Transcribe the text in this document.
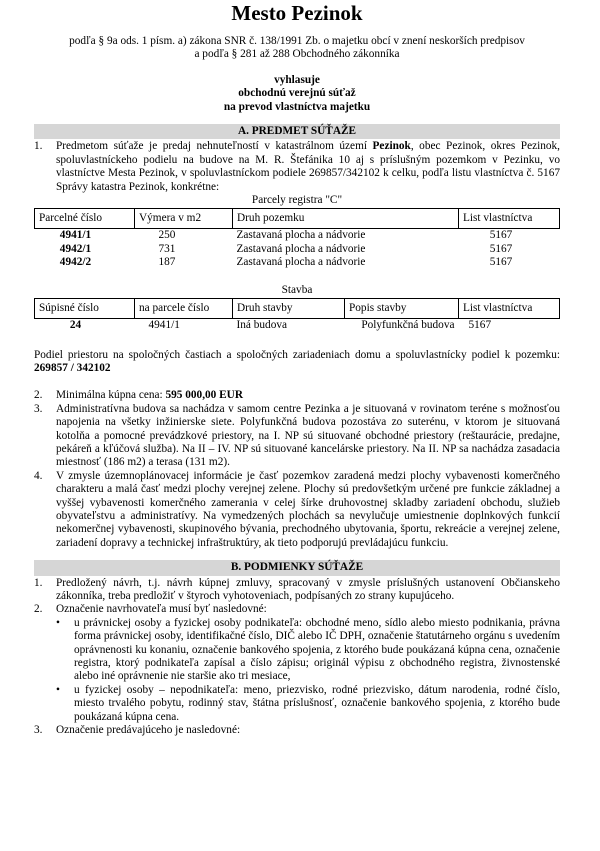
Mesto Pezinok
podľa § 9a ods. 1 písm. a) zákona SNR č. 138/1991 Zb. o majetku obcí v znení neskorších predpisov
a podľa § 281 až 288 Obchodného zákonníka
vyhlasuje
obchodnú verejnú súťaž
na prevod vlastníctva majetku
A. PREDMET SÚŤAŽE
1. Predmetom súťaže je predaj nehnuteľností v katastrálnom území Pezinok, obec Pezinok, okres Pezinok, spoluvlastníckeho podielu na budove na M. R. Štefánika 10 aj s príslušným pozemkom v Pezinku, vo vlastníctve Mesta Pezinok, v spoluvlastníckom podiele 269857/342102 k celku, podľa listu vlastníctva č. 5167 Správy katastra Pezinok, konkrétne:
Parcely registra "C"
Parcelné číslo	Výmera v m2	Druh pozemku	List vlastníctva
4941/1	250	Zastavaná plocha a nádvorie	5167
4942/1	731	Zastavaná plocha a nádvorie	5167
4942/2	187	Zastavaná plocha a nádvorie	5167
Stavba
Súpisné číslo	na parcele číslo	Druh stavby	Popis stavby	List vlastníctva
24	4941/1	Iná budova	Polyfunkčná budova	5167
Podiel priestoru na spoločných častiach a spoločných zariadeniach domu a spoluvlastnícky podiel k pozemku: 269857 / 342102
2. Minimálna kúpna cena: 595 000,00 EUR
3. Administratívna budova sa nachádza v samom centre Pezinka a je situovaná v rovinatom teréne s možnosťou napojenia na všetky inžinierske siete. Polyfunkčná budova pozostáva zo suterénu, v ktorom je situovaná kotolňa a pomocné prevádzkové priestory, na I. NP sú situované obchodné priestory (reštaurácie, predajne, pekáreň a kľúčová služba). Na II – IV. NP sú situované kancelárske priestory. Na II. NP sa nachádza zasadacia miestnosť (186 m2) a terasa (131 m2).
4. V zmysle územnoplánovacej informácie je časť pozemkov zaradená medzi plochy vybavenosti komerčného charakteru a malá časť medzi plochy verejnej zelene. Plochy sú predovšetkým určené pre funkcie základnej a vyššej vybavenosti komerčného zamerania v celej šírke druhovostnej skladby zariadení obchodu, služieb obyvateľstvu a administratívy. Na vymedzených plochách sa nevylučuje umiestnenie doplnkových funkcií nekomerčnej vybavenosti, skupinového bývania, prechodného ubytovania, športu, rekreácie a verejnej zelene, zariadení dopravy a technickej infraštruktúry, ak tieto podporujú prevládajúcu funkciu.
B. PODMIENKY SÚŤAŽE
1. Predložený návrh, t.j. návrh kúpnej zmluvy, spracovaný v zmysle príslušných ustanovení Občianskeho zákonníka, treba predložiť v štyroch vyhotoveniach, podpísaných zo strany kupujúceho.
2. Označenie navrhovateľa musí byť nasledovné:
• u právnickej osoby a fyzickej osoby podnikateľa: obchodné meno, sídlo alebo miesto podnikania, právna forma právnickej osoby, identifikačné číslo, DIČ alebo IČ DPH, označenie štatutárneho orgánu s uvedením oprávnenosti ku konaniu, označenie bankového spojenia, z ktorého bude poukázaná kúpna cena, označenie registra, ktorý podnikateľa zapísal a číslo zápisu; originál výpisu z obchodného registra, živnostenské alebo iné oprávnenie nie staršie ako tri mesiace,
• u fyzickej osoby – nepodnikateľa: meno, priezvisko, rodné priezvisko, dátum narodenia, rodné číslo, miesto trvalého pobytu, rodinný stav, štátna príslušnosť, označenie bankového spojenia, z ktorého bude poukázaná kúpna cena.
3. Označenie predávajúceho je nasledovné:
